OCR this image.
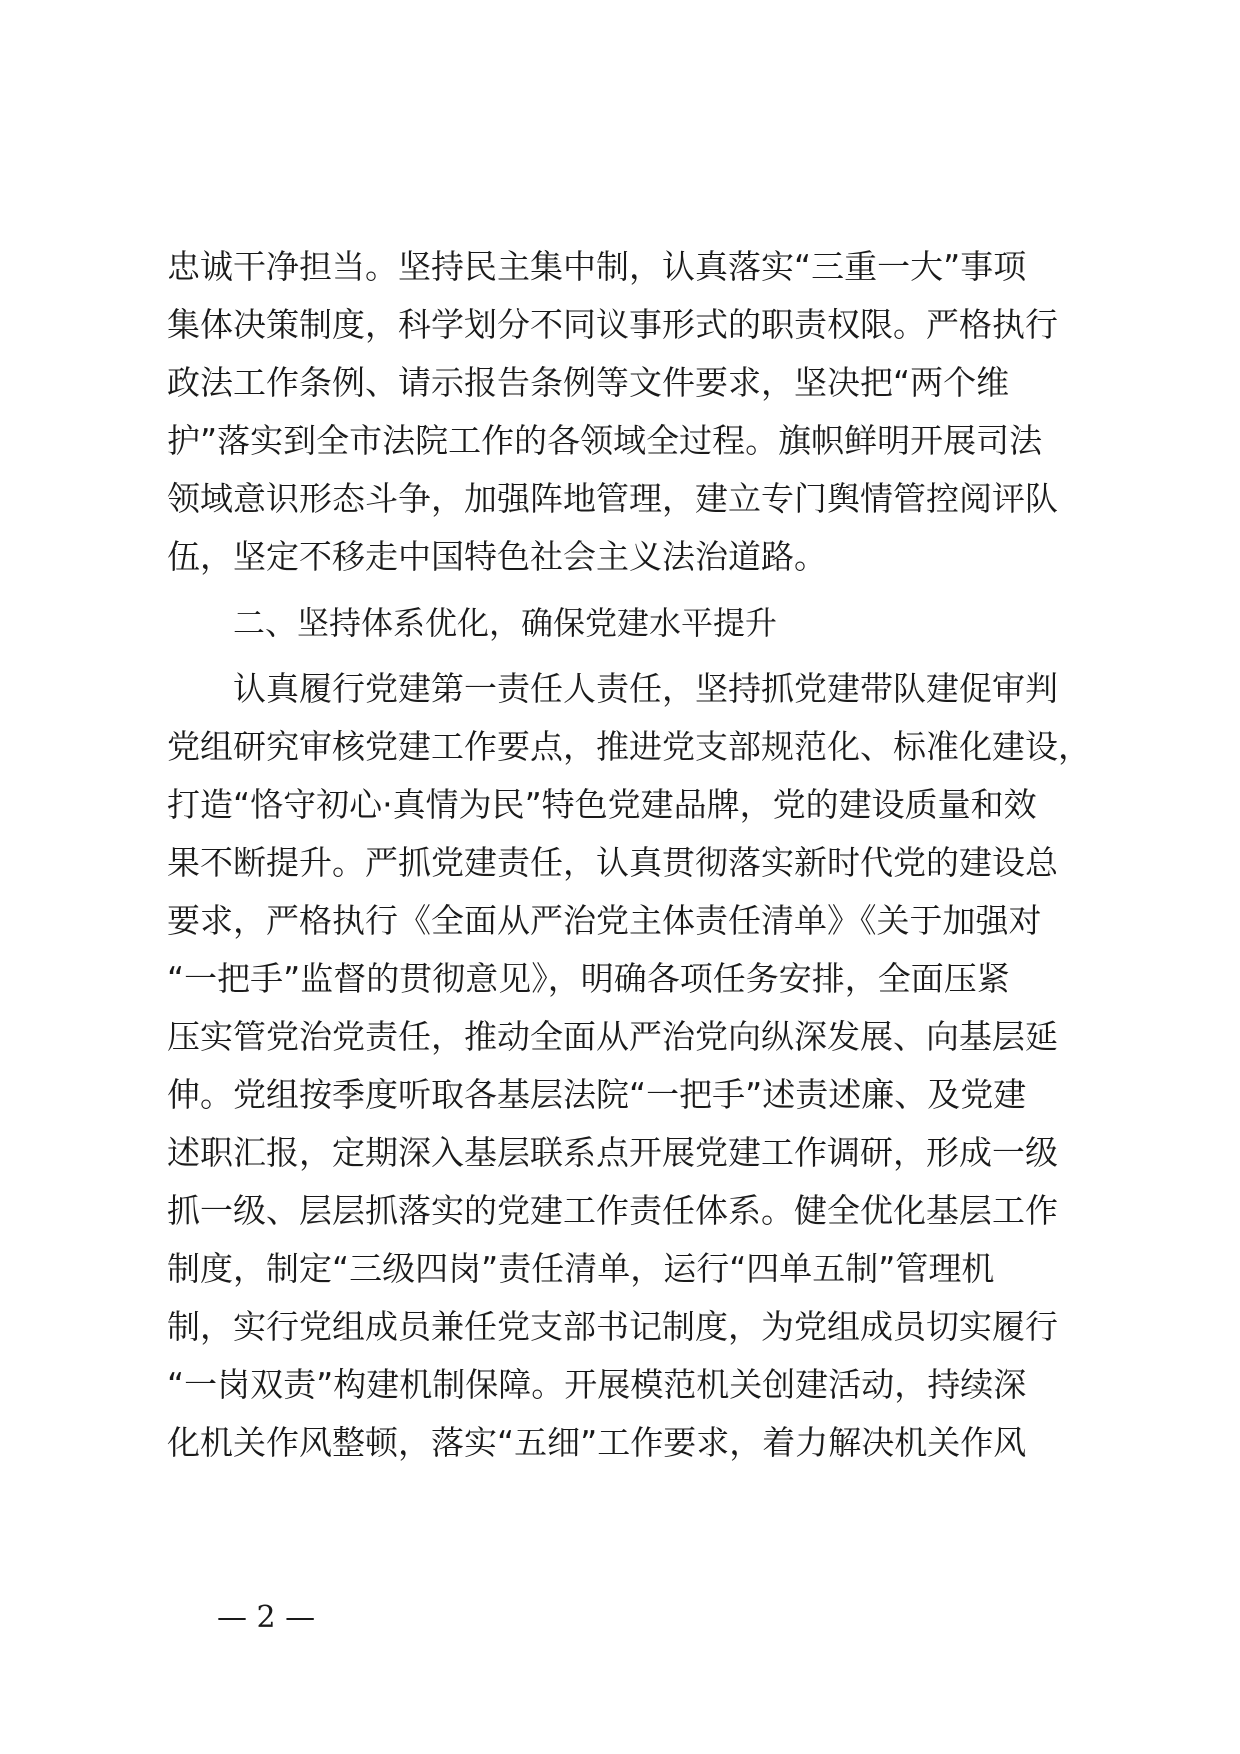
忠诚干净担当。坚持民主集中制，认真落实“三重一大”事项
集体决策制度，科学划分不同议事形式的职责权限。严格执行
政法工作条例、请示报告条例等文件要求，坚决把“两个维
护”落实到全市法院工作的各领域全过程。旗帜鲜明开展司法
领域意识形态斗争，加强阵地管理，建立专门舆情管控阅评队
伍，坚定不移走中国特色社会主义法治道路。
二、坚持体系优化，确保党建水平提升
认真履行党建第一责任人责任，坚持抓党建带队建促审判
党组研究审核党建工作要点，推进党支部规范化、标准化建设，
打造“恪守初心·真情为民”特色党建品牌，党的建设质量和效
果不断提升。严抓党建责任，认真贯彻落实新时代党的建设总
要求，严格执行《全面从严治党主体责任清单》《关于加强对
“一把手”监督的贯彻意见》，明确各项任务安排，全面压紧
压实管党治党责任，推动全面从严治党向纵深发展、向基层延
伸。党组按季度听取各基层法院“一把手”述责述廉、及党建
述职汇报，定期深入基层联系点开展党建工作调研，形成一级
抓一级、层层抓落实的党建工作责任体系。健全优化基层工作
制度，制定“三级四岗”责任清单，运行“四单五制”管理机
制，实行党组成员兼任党支部书记制度，为党组成员切实履行
“一岗双责”构建机制保障。开展模范机关创建活动，持续深
化机关作风整顿，落实“五细”工作要求，着力解决机关作风
— 2 —
